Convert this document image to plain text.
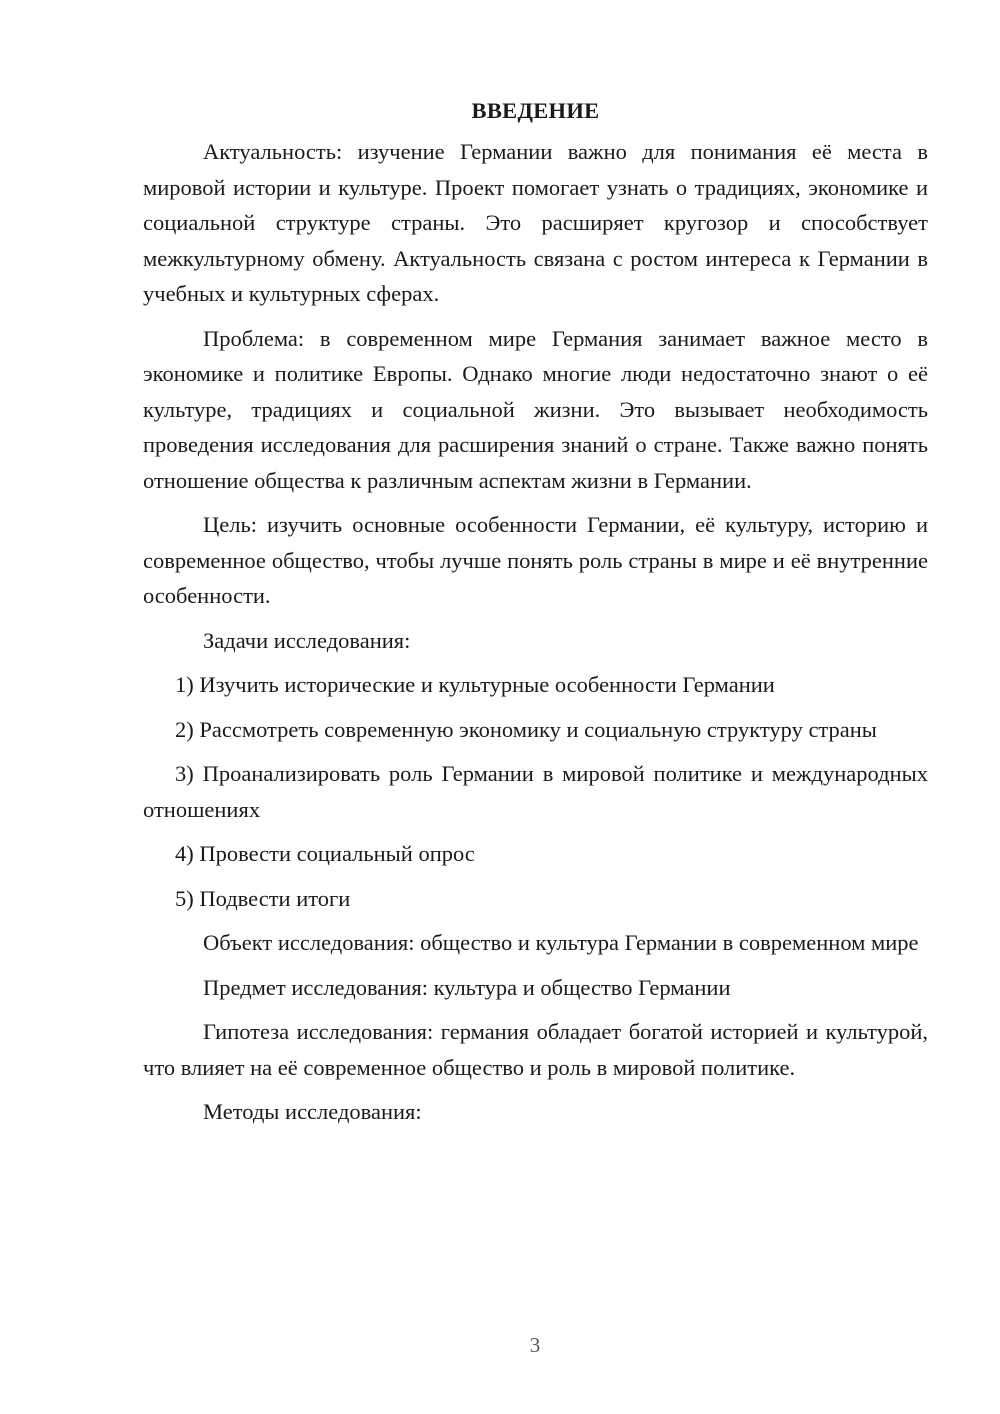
ВВЕДЕНИЕ

Актуальность: изучение Германии важно для понимания её места в мировой истории и культуре. Проект помогает узнать о традициях, экономике и социальной структуре страны. Это расширяет кругозор и способствует межкультурному обмену. Актуальность связана с ростом интереса к Германии в учебных и культурных сферах.

Проблема: в современном мире Германия занимает важное место в экономике и политике Европы. Однако многие люди недостаточно знают о её культуре, традициях и социальной жизни. Это вызывает необходимость проведения исследования для расширения знаний о стране. Также важно понять отношение общества к различным аспектам жизни в Германии.

Цель: изучить основные особенности Германии, её культуру, историю и современное общество, чтобы лучше понять роль страны в мире и её внутренние особенности.

Задачи исследования:

1) Изучить исторические и культурные особенности Германии

2) Рассмотреть современную экономику и социальную структуру страны

3) Проанализировать роль Германии в мировой политике и международных отношениях

4) Провести социальный опрос

5) Подвести итоги

Объект исследования: общество и культура Германии в современном мире

Предмет исследования: культура и общество Германии

Гипотеза исследования: германия обладает богатой историей и культурой, что влияет на её современное общество и роль в мировой политике.

Методы исследования:

3
